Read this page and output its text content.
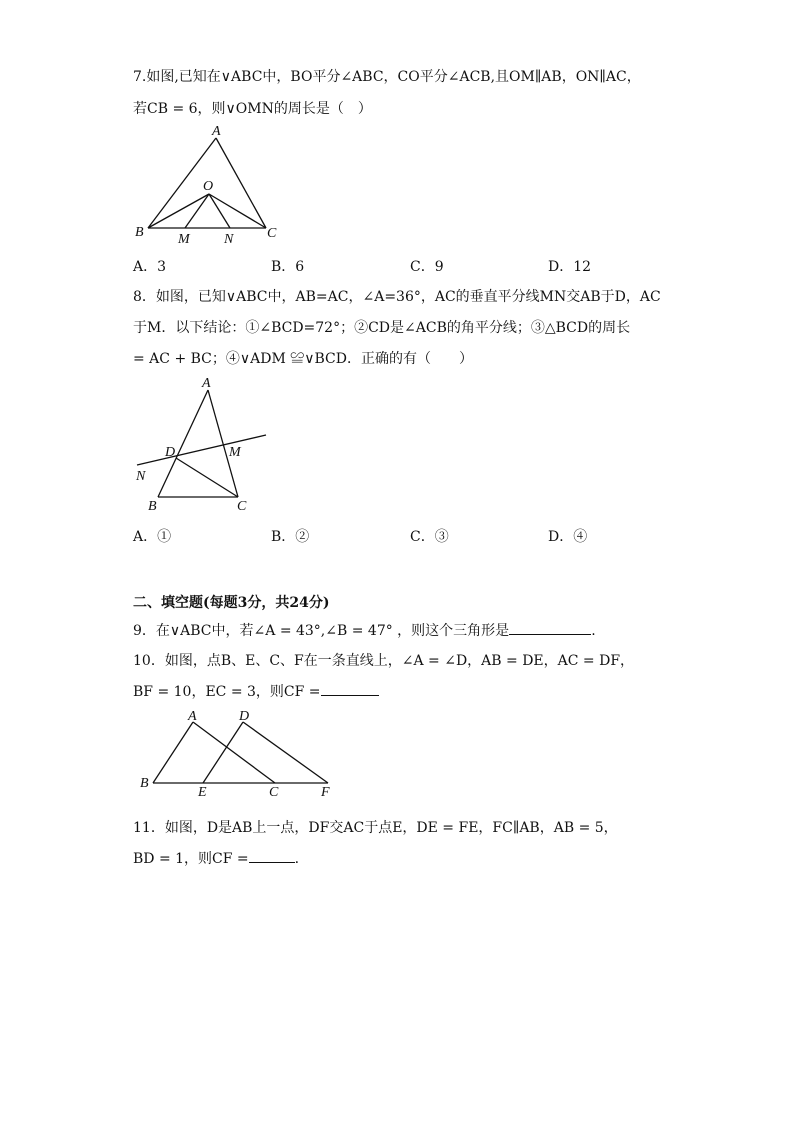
7.如图,已知在∨ABC中，BO平分∠ABC，CO平分∠ACB,且OM∥AB，ON∥AC，
若CB = 6，则∨OMN的周长是（　）
A
O
B M N C
A．3	B．6	C．9	D．12
8．如图，已知∨ABC中，AB=AC，∠A=36°，AC的垂直平分线MN交AB于D，AC
于M．以下结论：①∠BCD=72°；②CD是∠ACB的角平分线；③△BCD的周长
= AC + BC；④∨ADM ≌∨BCD．正确的有（　　）
A
D	M
N
B	C
A．①	B．②	C．③	D．④
二、填空题(每题3分，共24分)
9．在∨ABC中，若∠A = 43°,∠B = 47° ，则这个三角形是	.
10．如图，点B、E、C、F在一条直线上，∠A = ∠D，AB = DE，AC = DF，
BF = 10，EC = 3，则CF =
A	D
B
E	C	F
11．如图，D是AB上一点，DF交AC于点E，DE = FE，FC∥AB，AB = 5，
BD = 1，则CF =	.
